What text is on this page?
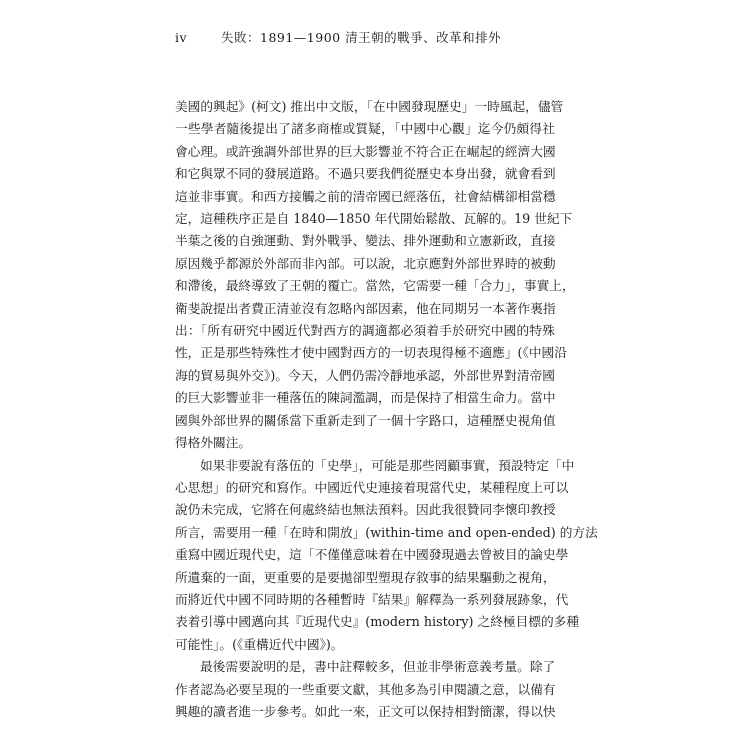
iv	失敗：1891—1900 清王朝的戰爭、改革和排外
美國的興起》(柯文) 推出中文版，「在中國發現歷史」一時風起，儘管
一些學者隨後提出了諸多商榷或質疑，「中國中心觀」迄今仍頗得社
會心理。或許強調外部世界的巨大影響並不符合正在崛起的經濟大國
和它與眾不同的發展道路。不過只要我們從歷史本身出發，就會看到
這並非事實。和西方接觸之前的清帝國已經落伍，社會結構卻相當穩
定，這種秩序正是自 1840—1850 年代開始鬆散、瓦解的。19 世紀下
半葉之後的自強運動、對外戰爭、變法、排外運動和立憲新政，直接
原因幾乎都源於外部而非內部。可以說，北京應對外部世界時的被動
和滯後，最終導致了王朝的覆亡。當然，它需要一種「合力」，事實上，
衛斐說提出者費正清並沒有忽略內部因素，他在同期另一本著作裏指
出：「所有研究中國近代對西方的調適都必須着手於研究中國的特殊
性，正是那些特殊性才使中國對西方的一切表現得極不適應」(《中國沿
海的貿易與外交》)。今天，人們仍需冷靜地承認，外部世界對清帝國
的巨大影響並非一種落伍的陳詞濫調，而是保持了相當生命力。當中
國與外部世界的關係當下重新走到了一個十字路口，這種歷史視角值
得格外關注。
如果非要說有落伍的「史學」，可能是那些罔顧事實，預設特定「中
心思想」的研究和寫作。中國近代史連接着現當代史，某種程度上可以
說仍未完成，它將在何處終結也無法預料。因此我很贊同李懷印教授
所言，需要用一種「在時和開放」(within-time and open-ended) 的方法
重寫中國近現代史，這「不僅僅意味着在中國發現過去曾被目的論史學
所遺棄的一面，更重要的是要拋卻型塑現存敘事的結果驅動之視角，
而將近代中國不同時期的各種暫時『結果』解釋為一系列發展跡象，代
表着引導中國邁向其『近現代史』(modern history) 之終極目標的多種
可能性」。(《重構近代中國》)。
最後需要說明的是，書中註釋較多，但並非學術意義考量。除了
作者認為必要呈現的一些重要文獻，其他多為引申閱讀之意，以備有
興趣的讀者進一步參考。如此一來，正文可以保持相對簡潔，得以快
